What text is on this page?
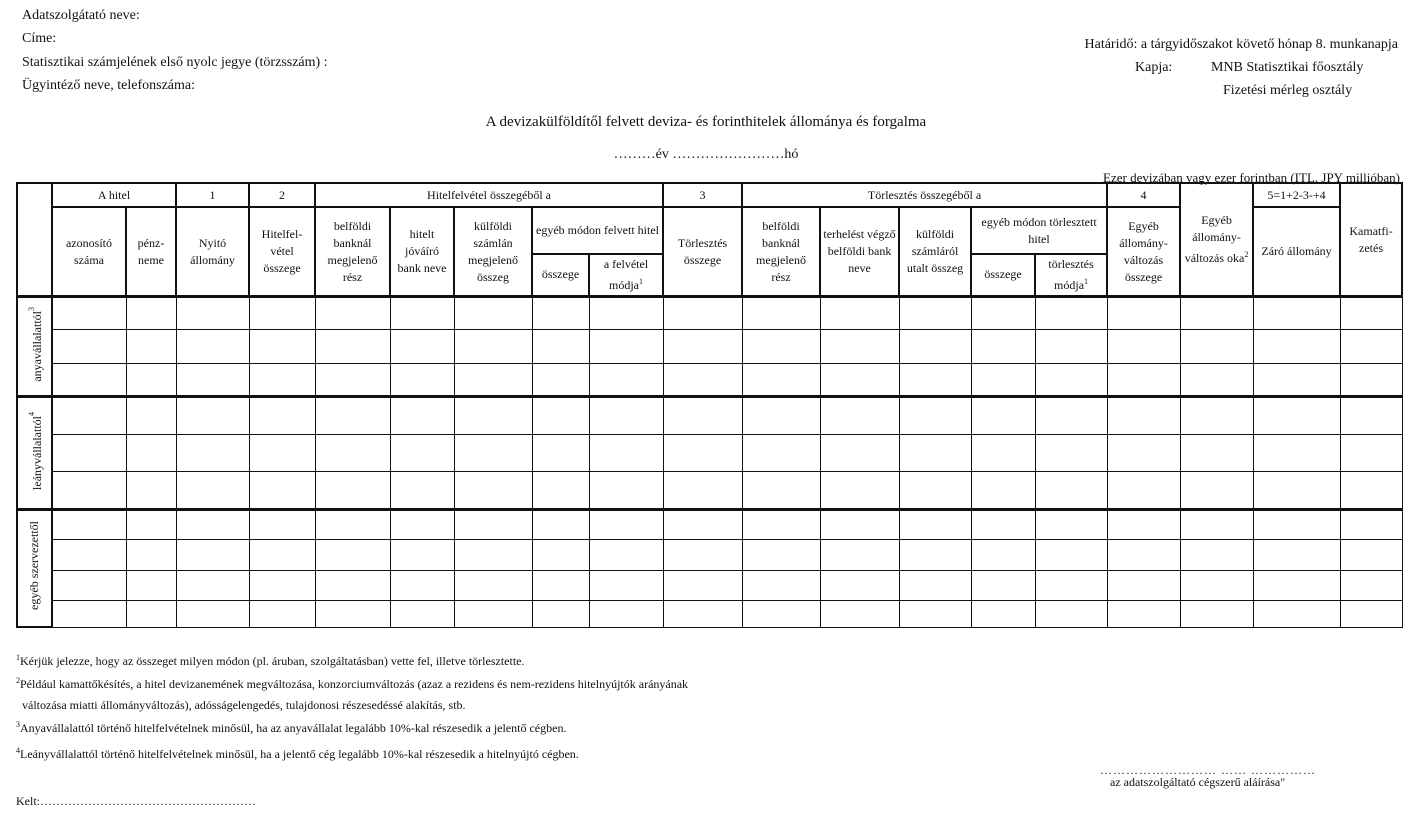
Adatszolgátató neve:
Címe:
Statisztikai számjelének első nyolc jegye (törzsszám) :
Ügyintéző neve, telefonszáma:
Határidő: a tárgyidőszakot követő hónap 8. munkanapja
Kapja:	MNB Statisztikai főosztály
Fizetési mérleg osztály
A devizakülföldítől felvett deviza- és forinthitelek állománya és forgalma
………év ……………………hó
Ezer devizában vagy ezer forintban (ITL, JPY millióban)
	A hitel		1	2	Hitelfelvétel összegéből a					3	Törlesztés összegéből a					4	Egyéb állomány-változás oka$^2$	5=1+2-3-+4	Kamatfi-zetés
	azonosító száma	pénz-neme	Nyitó állomány	Hitelfel-vétel összege	belföldi banknál megjelenő rész	hitelt jóváíró bank neve	külföldi számlán megjelenő összeg	egyéb módon felvett hitel		Törlesztés összege	belföldi banknál megjelenő rész	terhelést végző belföldi bank neve	külföldi számláról utalt összeg	egyéb módon törlesztett hitel		Egyéb állomány-változás összege		Záró állomány	
								összege	a felvétel módja$^1$					összege	törlesztés módja$^1$
anyavállalattól$^3$																			

leányvállalattól$^4$																			

egyéb szervezettől																			

$^1$Kérjük jelezze, hogy az összeget milyen módon (pl. áruban, szolgáltatásban) vette fel, illetve törlesztette.
$^2$Például kamattőkésítés, a hitel devizanemének megváltozása, konzorciumváltozás (azaz a rezidens és nem-rezidens hitelnyújtók arányának
változása miatti állományváltozás), adósságelengedés, tulajdonosi részesedéssé alakítás, stb.
$^3$Anyavállalattól történő hitelfelvételnek minősül, ha az anyavállalat legalább 10%-kal részesedik a jelentő cégben.
$^4$Leányvállalattól történő hitelfelvételnek minősül, ha a jelentő cég legalább 10%-kal részesedik a hitelnyújtó cégben.
……………………… …… ……………
az adatszolgáltató cégszerű aláírása"
Kelt:………………………………………………
